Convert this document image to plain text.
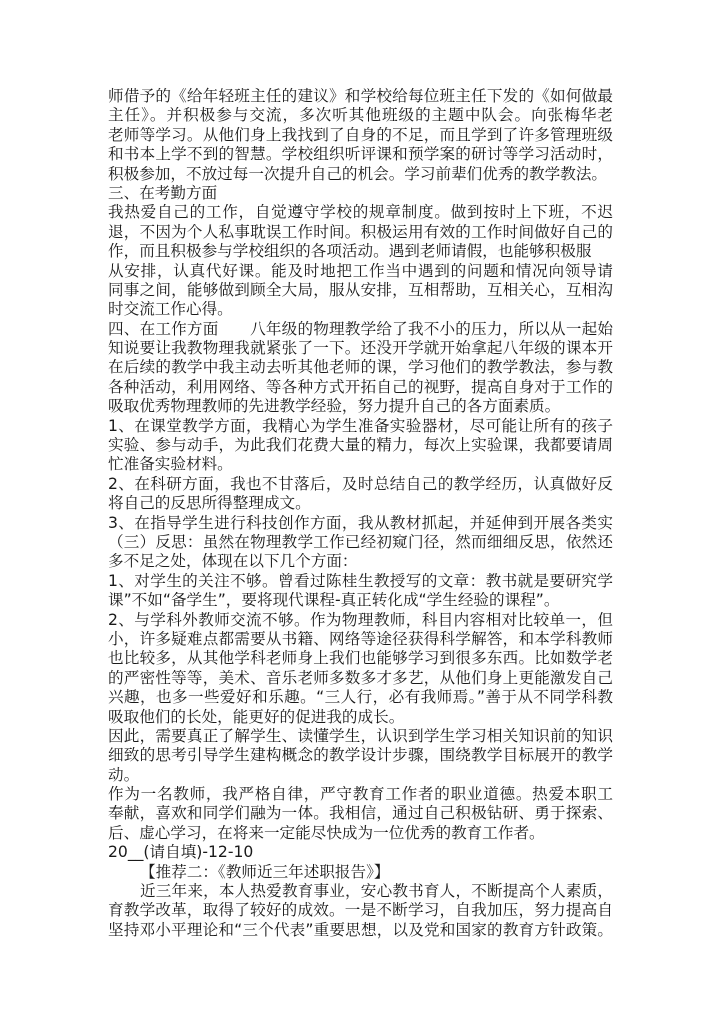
师借予的《给年轻班主任的建议》和学校给每位班主任下发的《如何做最
主任》。并积极参与交流，多次听其他班级的主题中队会。向张梅华老
老师等学习。从他们身上我找到了自身的不足，而且学到了许多管理班级
和书本上学不到的智慧。学校组织听评课和预学案的研讨等学习活动时，
积极参加，不放过每一次提升自己的机会。学习前辈们优秀的教学教法。
三、在考勤方面
我热爱自己的工作，自觉遵守学校的规章制度。做到按时上下班，不迟
退，不因为个人私事耽误工作时间。积极运用有效的工作时间做好自己的
作，而且积极参与学校组织的各项活动。遇到老师请假，也能够积极服
从安排，认真代好课。能及时地把工作当中遇到的问题和情况向领导请
同事之间，能够做到顾全大局，服从安排，互相帮助，互相关心，互相沟
时交流工作心得。
四、在工作方面　　八年级的物理教学给了我不小的压力，所以从一起始
知说要让我教物理我就紧张了一下。还没开学就开始拿起八年级的课本开
在后续的教学中我主动去听其他老师的课，学习他们的教学教法，参与教
各种活动，利用网络、等各种方式开拓自己的视野，提高自身对于工作的
吸取优秀物理教师的先进教学经验，努力提升自己的各方面素质。
1、在课堂教学方面，我精心为学生准备实验器材，尽可能让所有的孩子
实验、参与动手，为此我们花费大量的精力，每次上实验课，我都要请周
忙准备实验材料。
2、在科研方面，我也不甘落后，及时总结自己的教学经历，认真做好反
将自己的反思所得整理成文。
3、在指导学生进行科技创作方面，我从教材抓起，并延伸到开展各类实
（三）反思：虽然在物理教学工作已经初窥门径，然而细细反思，依然还
多不足之处，体现在以下几个方面：
1、对学生的关注不够。曾看过陈桂生教授写的文章：教书就是要研究学
课”不如“备学生”，要将现代课程-真正转化成“学生经验的课程”。
2、与学科外教师交流不够。作为物理教师，科目内容相对比较单一，但
小，许多疑难点都需要从书籍、网络等途径获得科学解答，和本学科教师
也比较多，从其他学科老师身上我们也能够学习到很多东西。比如数学老
的严密性等等，美术、音乐老师多数多才多艺，从他们身上更能激发自己
兴趣，也多一些爱好和乐趣。“三人行，必有我师焉。”善于从不同学科教
吸取他们的长处，能更好的促进我的成长。
因此，需要真正了解学生、读懂学生，认识到学生学习相关知识前的知识
细致的思考引导学生建构概念的教学设计步骤，围绕教学目标展开的教学
动。
作为一名教师，我严格自律，严守教育工作者的职业道德。热爱本职工
奉献，喜欢和同学们融为一体。我相信，通过自己积极钻研、勇于探索、
后、虚心学习，在将来一定能尽快成为一位优秀的教育工作者。
20__(请自填)-12-10
【推荐二：《教师近三年述职报告》】
近三年来，本人热爱教育事业，安心教书育人，不断提高个人素质，
育教学改革，取得了较好的成效。一是不断学习，自我加压，努力提高自
坚持邓小平理论和“三个代表”重要思想，以及党和国家的教育方针政策。
